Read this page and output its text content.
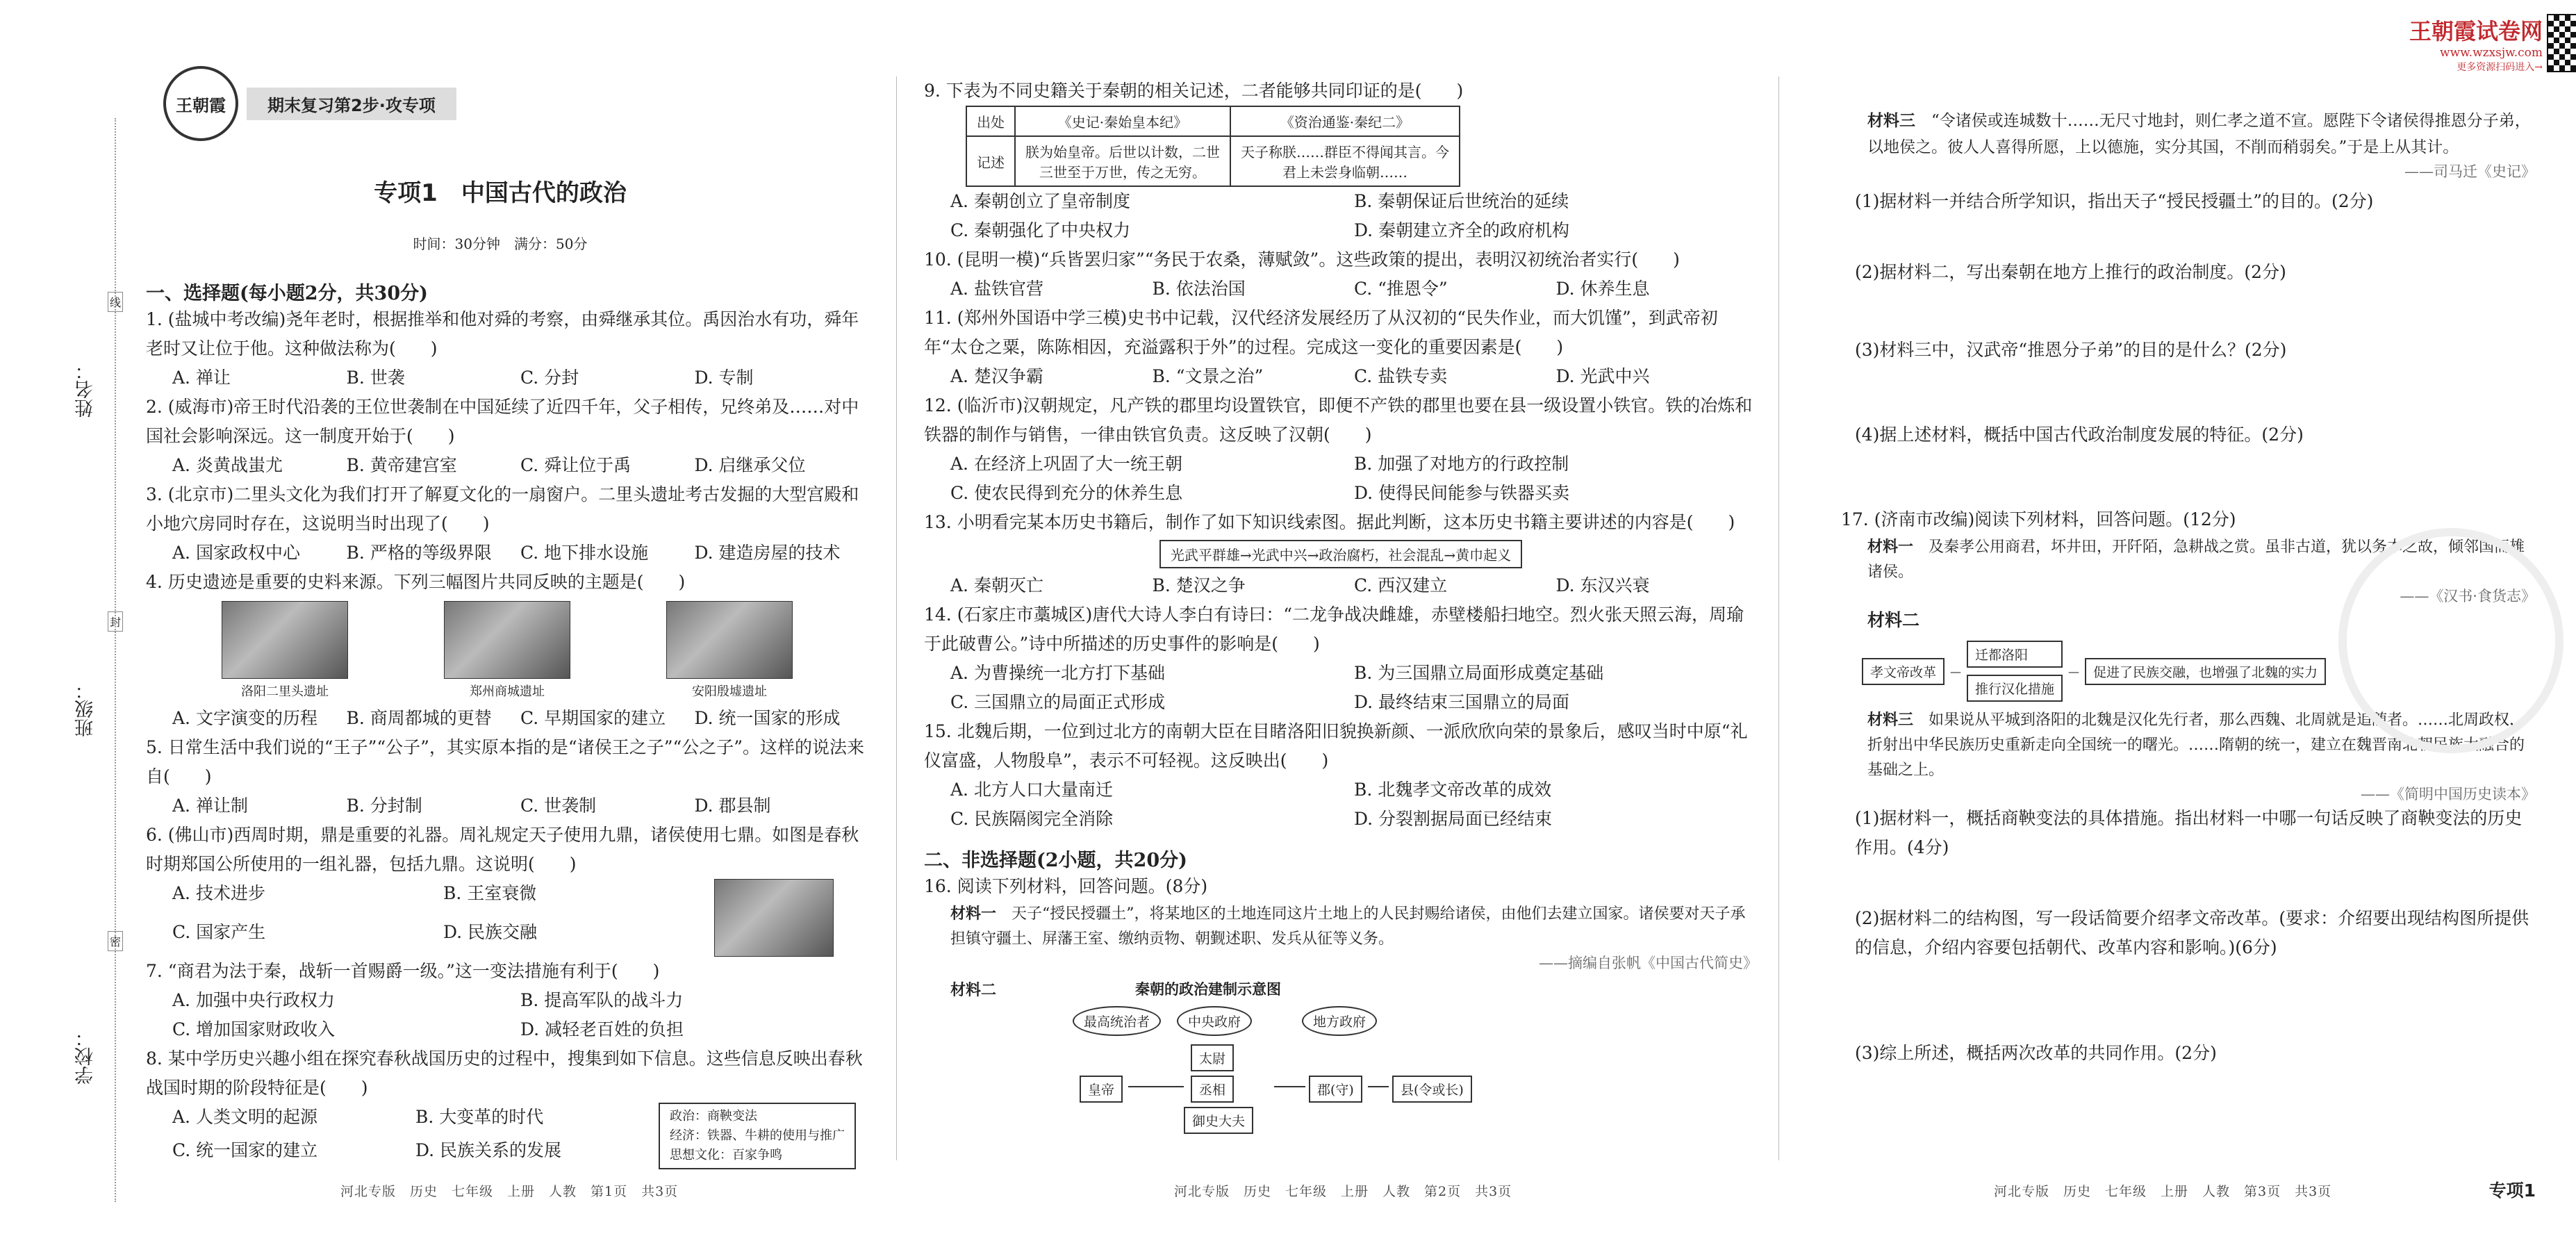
姓名：
班级：
学校：
线
封
密
王朝霞	期末复习第2步·攻专项
专项1　中国古代的政治
时间：30分钟　满分：50分
一、选择题(每小题2分，共30分)
1. (盐城中考改编)尧年老时，根据推举和他对舜的考察，由舜继承其位。禹因治水有功，舜年老时又让位于他。这种做法称为(　　)
A. 禅让	B. 世袭	C. 分封	D. 专制
2. (威海市)帝王时代沿袭的王位世袭制在中国延续了近四千年，父子相传，兄终弟及……对中国社会影响深远。这一制度开始于(　　)
A. 炎黄战蚩尤	B. 黄帝建宫室	C. 舜让位于禹	D. 启继承父位
3. (北京市)二里头文化为我们打开了解夏文化的一扇窗户。二里头遗址考古发掘的大型宫殿和小地穴房同时存在，这说明当时出现了(　　)
A. 国家政权中心	B. 严格的等级界限	C. 地下排水设施	D. 建造房屋的技术
4. 历史遗迹是重要的史料来源。下列三幅图片共同反映的主题是(　　)
洛阳二里头遗址	郑州商城遗址	安阳殷墟遗址
A. 文字演变的历程	B. 商周都城的更替	C. 早期国家的建立	D. 统一国家的形成
5. 日常生活中我们说的“王子”“公子”，其实原本指的是“诸侯王之子”“公之子”。这样的说法来自(　　)
A. 禅让制	B. 分封制	C. 世袭制	D. 郡县制
6. (佛山市)西周时期，鼎是重要的礼器。周礼规定天子使用九鼎，诸侯使用七鼎。如图是春秋时期郑国公所使用的一组礼器，包括九鼎。这说明(　　)
A. 技术进步	B. 王室衰微
C. 国家产生	D. 民族交融
7. “商君为法于秦，战斩一首赐爵一级。”这一变法措施有利于(　　)
A. 加强中央行政权力	B. 提高军队的战斗力
C. 增加国家财政收入	D. 减轻老百姓的负担
8. 某中学历史兴趣小组在探究春秋战国历史的过程中，搜集到如下信息。这些信息反映出春秋战国时期的阶段特征是(　　)
A. 人类文明的起源	B. 大变革的时代
C. 统一国家的建立	D. 民族关系的发展
政治：商鞅变法
经济：铁器、牛耕的使用与推广
思想文化：百家争鸣
河北专版　历史　七年级　上册　人教　第1页　共3页
9. 下表为不同史籍关于秦朝的相关记述，二者能够共同印证的是(　　)
出处	《史记·秦始皇本纪》	《资治通鉴·秦纪二》
记述	朕为始皇帝。后世以计数，二世三世至于万世，传之无穷。	天子称朕……群臣不得闻其言。今君上未尝身临朝……
A. 秦朝创立了皇帝制度	B. 秦朝保证后世统治的延续
C. 秦朝强化了中央权力	D. 秦朝建立齐全的政府机构
10. (昆明一模)“兵皆罢归家”“务民于农桑，薄赋敛”。这些政策的提出，表明汉初统治者实行(　　)
A. 盐铁官营	B. 依法治国	C. “推恩令”	D. 休养生息
11. (郑州外国语中学三模)史书中记载，汉代经济发展经历了从汉初的“民失作业，而大饥馑”，到武帝初年“太仓之粟，陈陈相因，充溢露积于外”的过程。完成这一变化的重要因素是(　　)
A. 楚汉争霸	B. “文景之治”	C. 盐铁专卖	D. 光武中兴
12. (临沂市)汉朝规定，凡产铁的郡里均设置铁官，即便不产铁的郡里也要在县一级设置小铁官。铁的冶炼和铁器的制作与销售，一律由铁官负责。这反映了汉朝(　　)
A. 在经济上巩固了大一统王朝	B. 加强了对地方的行政控制
C. 使农民得到充分的休养生息	D. 使得民间能参与铁器买卖
13. 小明看完某本历史书籍后，制作了如下知识线索图。据此判断，这本历史书籍主要讲述的内容是(　　)
光武平群雄→光武中兴→政治腐朽，社会混乱→黄巾起义
A. 秦朝灭亡	B. 楚汉之争	C. 西汉建立	D. 东汉兴衰
14. (石家庄市藁城区)唐代大诗人李白有诗曰：“二龙争战决雌雄，赤壁楼船扫地空。烈火张天照云海，周瑜于此破曹公。”诗中所描述的历史事件的影响是(　　)
A. 为曹操统一北方打下基础	B. 为三国鼎立局面形成奠定基础
C. 三国鼎立的局面正式形成	D. 最终结束三国鼎立的局面
15. 北魏后期，一位到过北方的南朝大臣在目睹洛阳旧貌换新颜、一派欣欣向荣的景象后，感叹当时中原“礼仪富盛，人物殷阜”，表示不可轻视。这反映出(　　)
A. 北方人口大量南迁	B. 北魏孝文帝改革的成效
C. 民族隔阂完全消除	D. 分裂割据局面已经结束
二、非选择题(2小题，共20分)
16. 阅读下列材料，回答问题。(8分)
材料一　 天子“授民授疆土”，将某地区的土地连同这片土地上的人民封赐给诸侯，由他们去建立国家。诸侯要对天子承担镇守疆土、屏藩王室、缴纳贡物、朝觐述职、发兵从征等义务。
——摘编自张帆《中国古代简史》
材料二	秦朝的政治建制示意图
最高统治者	中央政府	地方政府
皇帝
太尉
丞相
御史大夫
郡(守)	县(令或长)
河北专版　历史　七年级　上册　人教　第2页　共3页
王朝霞试卷网
www.wzxsjw.com
更多资源扫码进入→
材料三　 “令诸侯或连城数十……无尺寸地封，则仁孝之道不宣。愿陛下令诸侯得推恩分子弟，以地侯之。彼人人喜得所愿，上以德施，实分其国，不削而稍弱矣。”于是上从其计。
——司马迁《史记》
(1)据材料一并结合所学知识，指出天子“授民授疆土”的目的。(2分)
(2)据材料二，写出秦朝在地方上推行的政治制度。(2分)
(3)材料三中，汉武帝“推恩分子弟”的目的是什么？(2分)
(4)据上述材料，概括中国古代政治制度发展的特征。(2分)
17. (济南市改编)阅读下列材料，回答问题。(12分)
材料一　 及秦孝公用商君，坏井田，开阡陌，急耕战之赏。虽非古道，犹以务本之故，倾邻国而雄诸侯。
——《汉书·食货志》
材料二
孝文帝改革	—
迁都洛阳
推行汉化措施
—	促进了民族交融，也增强了北魏的实力
材料三　 如果说从平城到洛阳的北魏是汉化先行者，那么西魏、北周就是追随者。……北周政权，折射出中华民族历史重新走向全国统一的曙光。……隋朝的统一，建立在魏晋南北朝民族大融合的基础之上。
——《简明中国历史读本》
(1)据材料一，概括商鞅变法的具体措施。指出材料一中哪一句话反映了商鞅变法的历史作用。(4分)
(2)据材料二的结构图，写一段话简要介绍孝文帝改革。(要求：介绍要出现结构图所提供的信息，介绍内容要包括朝代、改革内容和影响。)(6分)
(3)综上所述，概括两次改革的共同作用。(2分)
河北专版　历史　七年级　上册　人教　第3页　共3页	专项1
